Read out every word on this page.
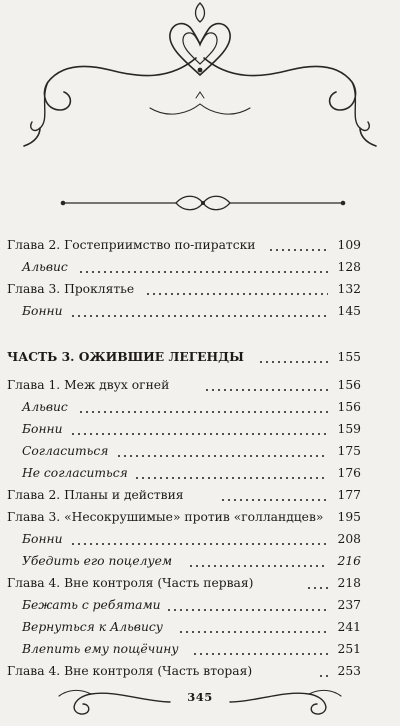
Глава 2. Гостеприимство по-пиратски	109
Альвис	128
Глава 3. Проклятье	132
Бонни	145
ЧАСТЬ 3. ОЖИВШИЕ ЛЕГЕНДЫ	155
Глава 1. Меж двух огней	156
Альвис	156
Бонни	159
Согласиться	175
Не согласиться	176
Глава 2. Планы и действия	177
Глава 3. «Несокрушимые» против «голландцев» 195
Бонни	208
Убедить его поцелуем	216
Глава 4. Вне контроля (Часть первая)	218
Бежать с ребятами	237
Вернуться к Альвису	241
Влепить ему пощёчину	251
Глава 4. Вне контроля (Часть вторая)	253
345
